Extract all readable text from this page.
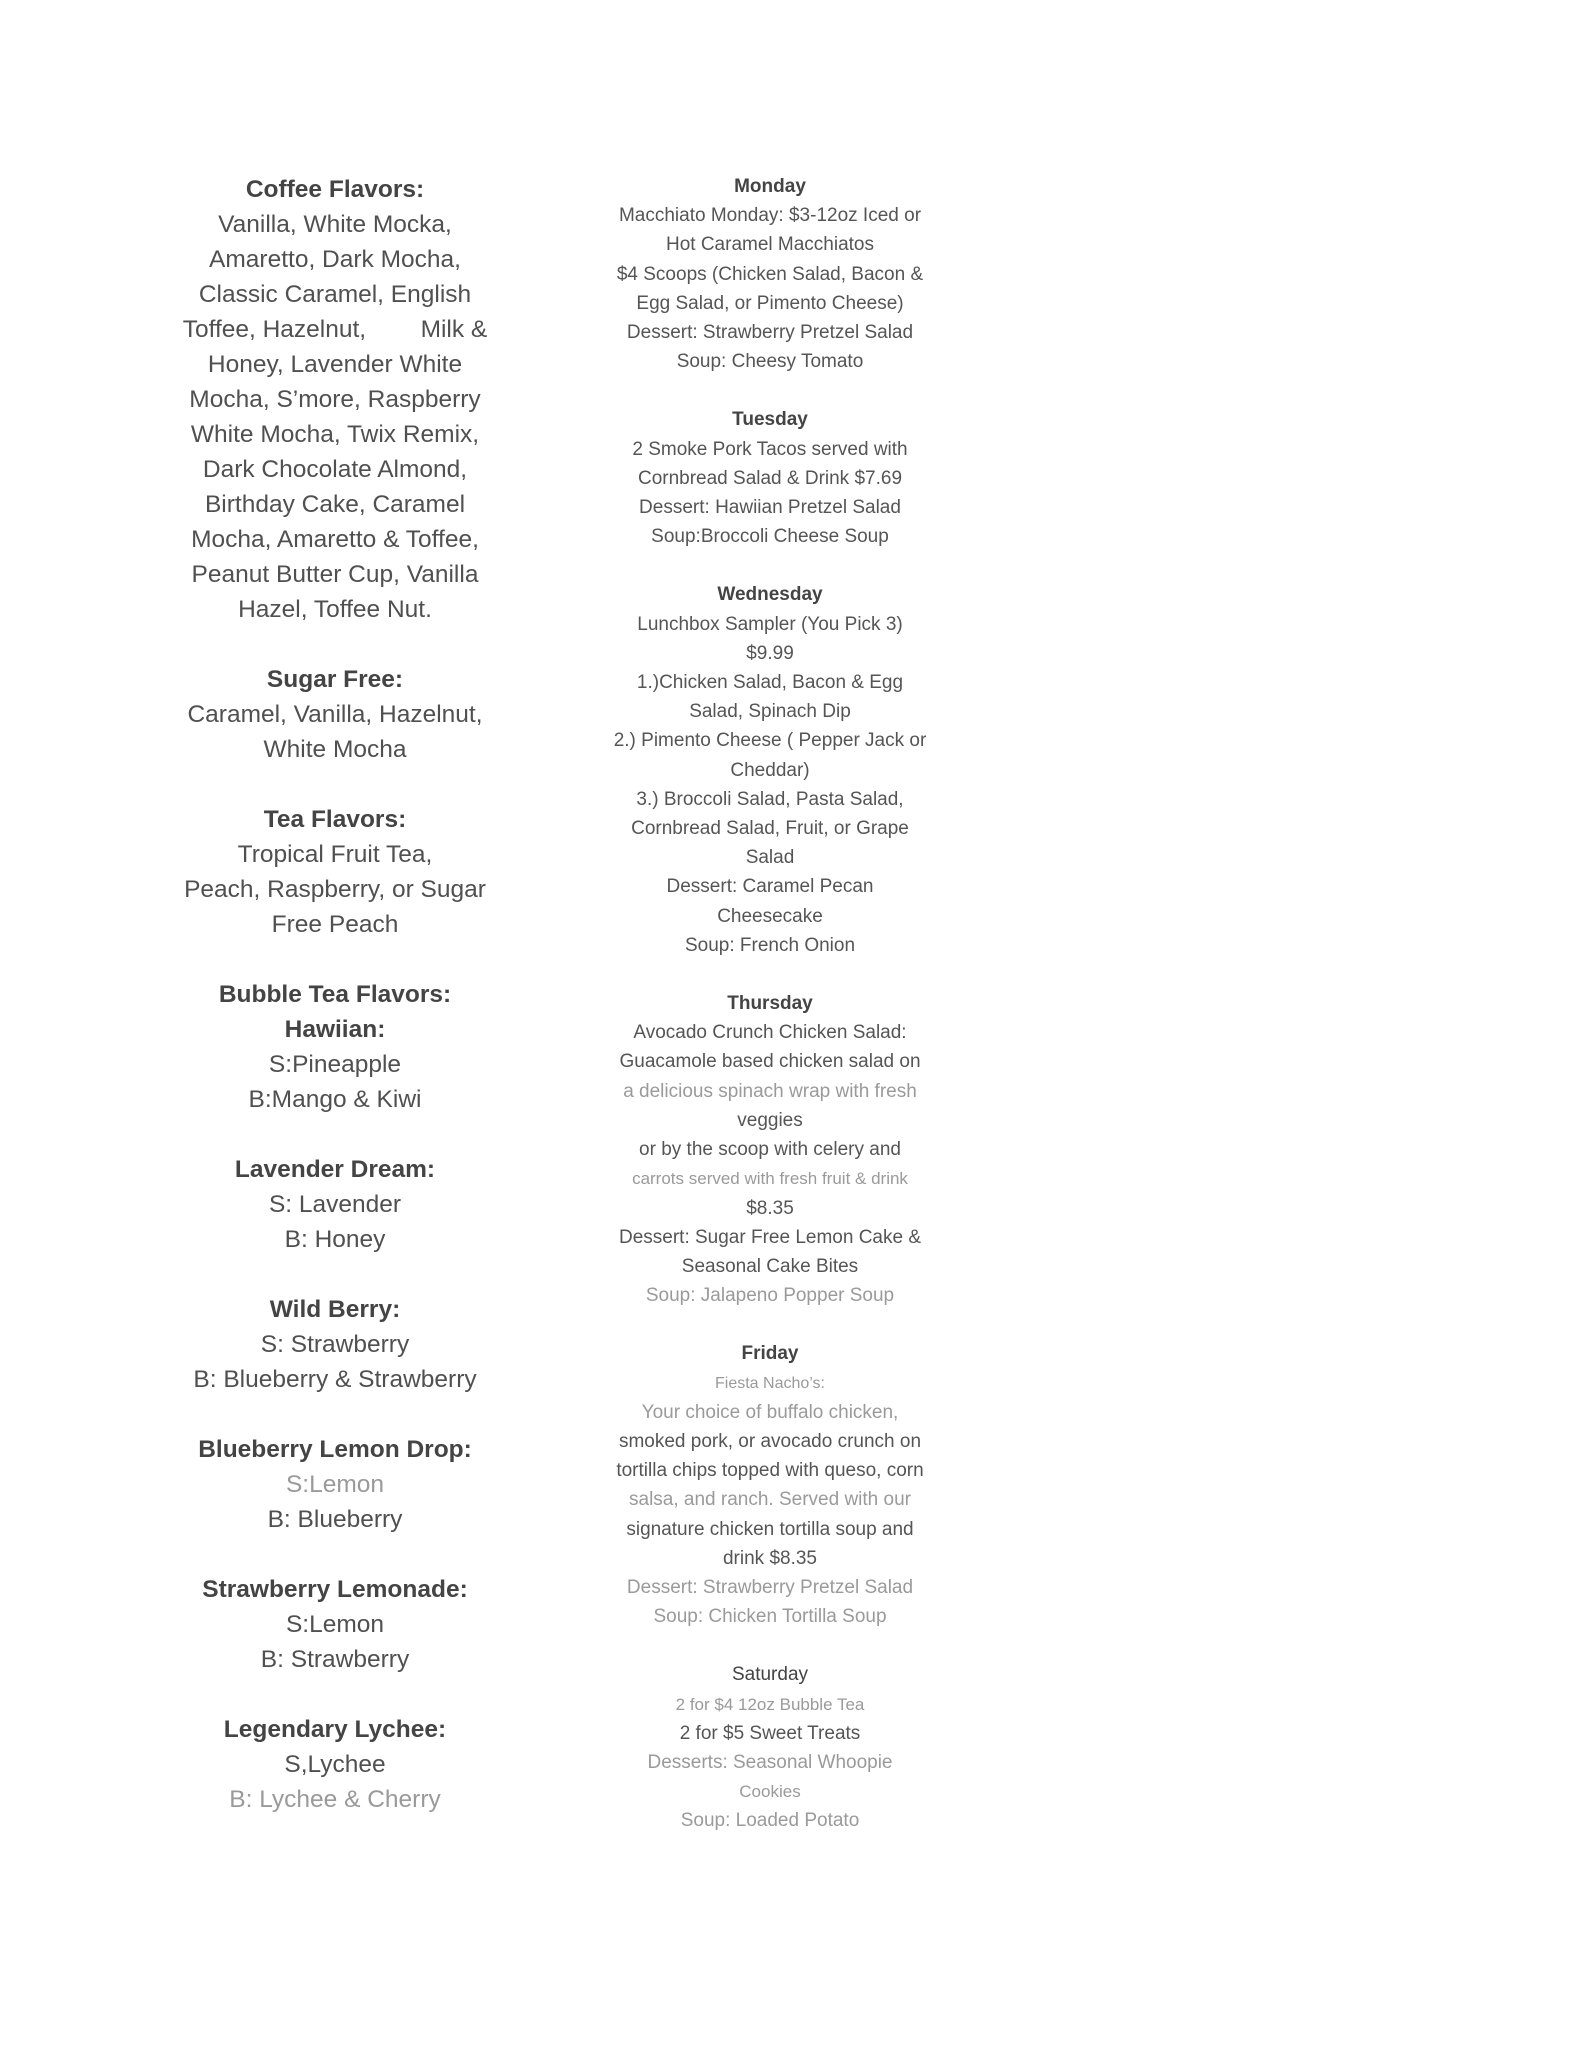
Coffee Flavors:
Vanilla, White Mocka,
Amaretto, Dark Mocha,
Classic Caramel, English
Toffee, Hazelnut,        Milk &
Honey, Lavender White
Mocha, S’more, Raspberry
White Mocha, Twix Remix,
Dark Chocolate Almond,
Birthday Cake, Caramel
Mocha, Amaretto & Toffee,
Peanut Butter Cup, Vanilla
Hazel, Toffee Nut.
Sugar Free:
Caramel, Vanilla, Hazelnut,
White Mocha
Tea Flavors:
Tropical Fruit Tea,
Peach, Raspberry, or Sugar
Free Peach
Bubble Tea Flavors:
Hawiian:
S:Pineapple
B:Mango & Kiwi
Lavender Dream:
S: Lavender
B: Honey
Wild Berry:
S: Strawberry
B: Blueberry & Strawberry
Blueberry Lemon Drop:
S:Lemon
B: Blueberry
Strawberry Lemonade:
S:Lemon
B: Strawberry
Legendary Lychee:
S,Lychee
B: Lychee & Cherry
Monday
Macchiato Monday: $3-12oz Iced or
Hot Caramel Macchiatos
$4 Scoops (Chicken Salad, Bacon &
Egg Salad, or Pimento Cheese)
Dessert: Strawberry Pretzel Salad
Soup: Cheesy Tomato
Tuesday
2 Smoke Pork Tacos served with
Cornbread Salad & Drink $7.69
Dessert: Hawiian Pretzel Salad
Soup:Broccoli Cheese Soup
Wednesday
Lunchbox Sampler (You Pick 3)
$9.99
1.)Chicken Salad, Bacon & Egg
Salad, Spinach Dip
2.) Pimento Cheese ( Pepper Jack or
Cheddar)
3.) Broccoli Salad, Pasta Salad,
Cornbread Salad, Fruit, or Grape
Salad
Dessert: Caramel Pecan
Cheesecake
Soup: French Onion
Thursday
Avocado Crunch Chicken Salad:
Guacamole based chicken salad on
a delicious spinach wrap with fresh
veggies
or by the scoop with celery and
carrots served with fresh fruit & drink
$8.35
Dessert: Sugar Free Lemon Cake &
Seasonal Cake Bites
Soup: Jalapeno Popper Soup
Friday
Fiesta Nacho’s:
Your choice of buffalo chicken,
smoked pork, or avocado crunch on
tortilla chips topped with queso, corn
salsa, and ranch. Served with our
signature chicken tortilla soup and
drink $8.35
Dessert: Strawberry Pretzel Salad
Soup: Chicken Tortilla Soup
Saturday
2 for $4 12oz Bubble Tea
2 for $5 Sweet Treats
Desserts: Seasonal Whoopie
Cookies
Soup: Loaded Potato
